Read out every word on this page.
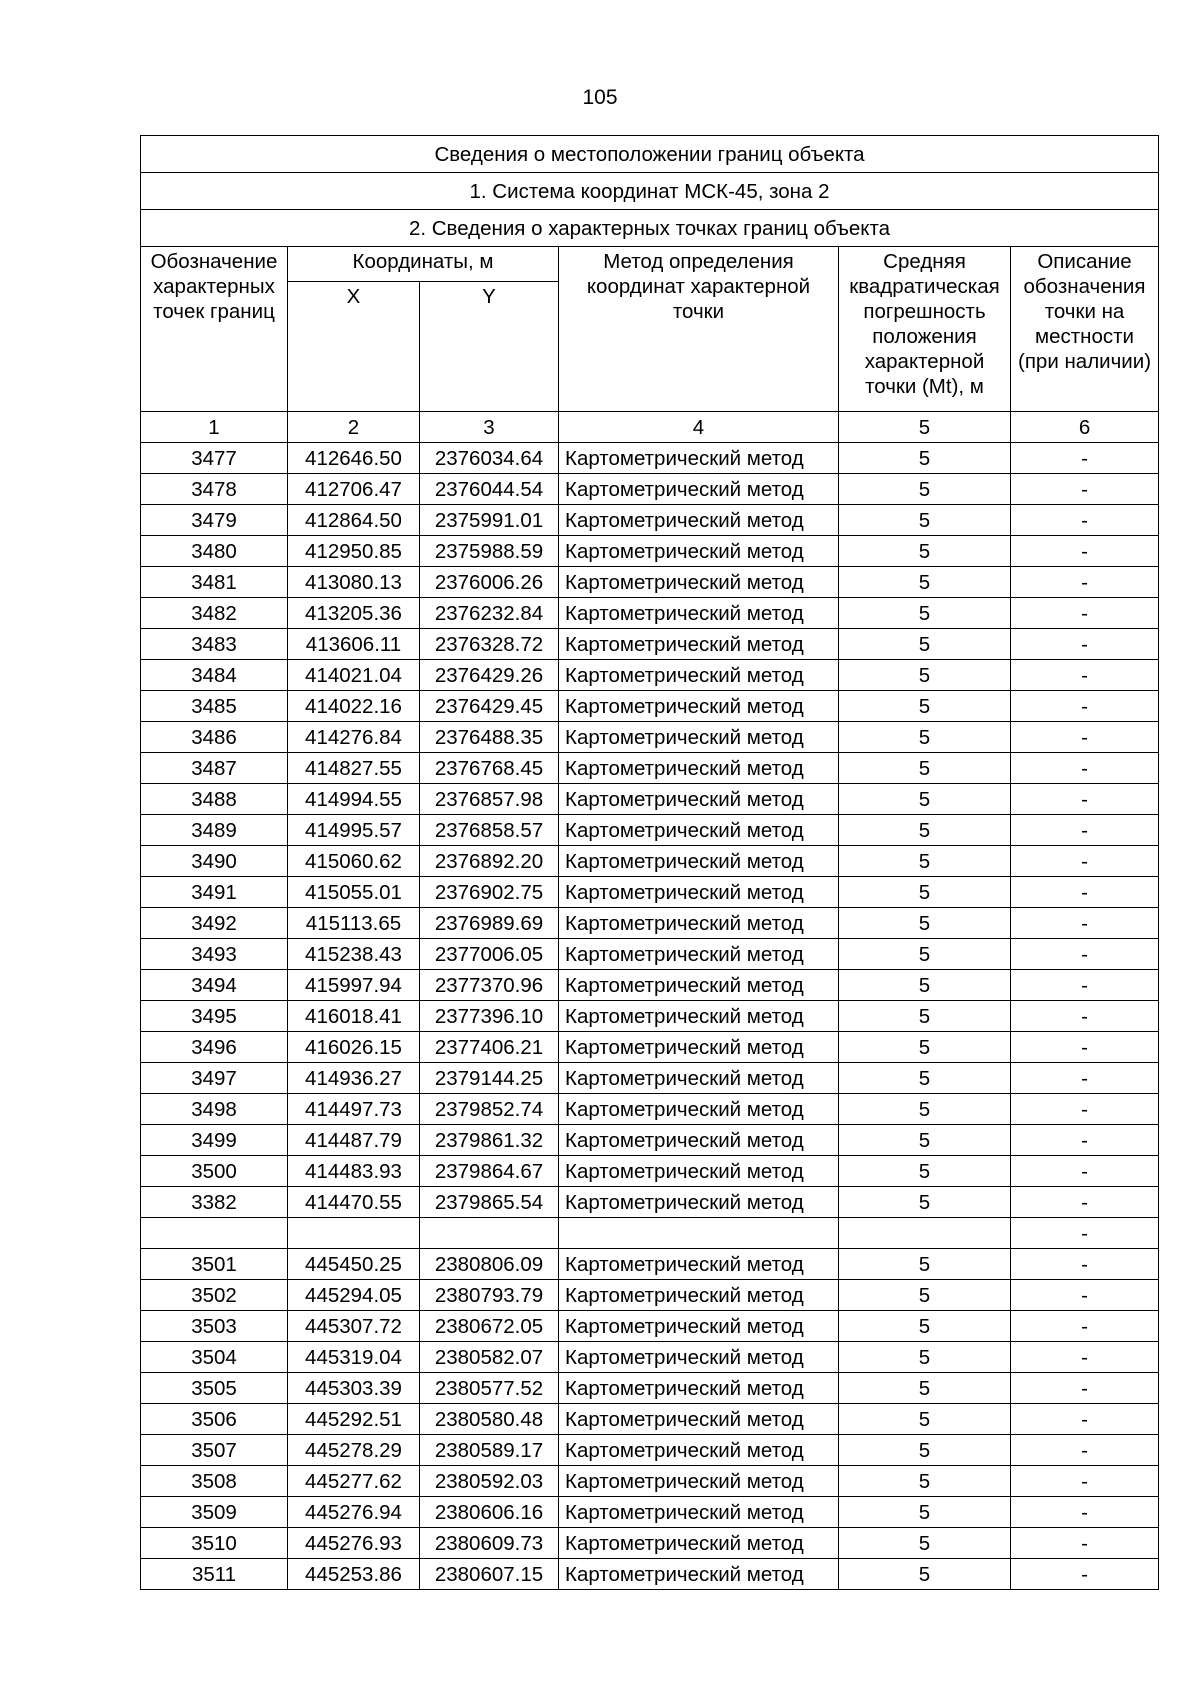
105
Сведения о местоположении границ объекта					
1. Система координат МСК-45, зона 2					
2. Сведения о характерных точках границ объекта					
Обозначение характерных точек границ	Координаты, м		Метод определения координат характерной точки	Средняя квадратическая погрешность положения характерной точки (Mt), м	Описание обозначения точки на местности (при наличии)
	X	Y			
1	2	3	4	5	6
3477	412646.50	2376034.64	Картометрический метод	5	-
3478	412706.47	2376044.54	Картометрический метод	5	-
3479	412864.50	2375991.01	Картометрический метод	5	-
3480	412950.85	2375988.59	Картометрический метод	5	-
3481	413080.13	2376006.26	Картометрический метод	5	-
3482	413205.36	2376232.84	Картометрический метод	5	-
3483	413606.11	2376328.72	Картометрический метод	5	-
3484	414021.04	2376429.26	Картометрический метод	5	-
3485	414022.16	2376429.45	Картометрический метод	5	-
3486	414276.84	2376488.35	Картометрический метод	5	-
3487	414827.55	2376768.45	Картометрический метод	5	-
3488	414994.55	2376857.98	Картометрический метод	5	-
3489	414995.57	2376858.57	Картометрический метод	5	-
3490	415060.62	2376892.20	Картометрический метод	5	-
3491	415055.01	2376902.75	Картометрический метод	5	-
3492	415113.65	2376989.69	Картометрический метод	5	-
3493	415238.43	2377006.05	Картометрический метод	5	-
3494	415997.94	2377370.96	Картометрический метод	5	-
3495	416018.41	2377396.10	Картометрический метод	5	-
3496	416026.15	2377406.21	Картометрический метод	5	-
3497	414936.27	2379144.25	Картометрический метод	5	-
3498	414497.73	2379852.74	Картометрический метод	5	-
3499	414487.79	2379861.32	Картометрический метод	5	-
3500	414483.93	2379864.67	Картометрический метод	5	-
3382	414470.55	2379865.54	Картометрический метод	5	-
					-
3501	445450.25	2380806.09	Картометрический метод	5	-
3502	445294.05	2380793.79	Картометрический метод	5	-
3503	445307.72	2380672.05	Картометрический метод	5	-
3504	445319.04	2380582.07	Картометрический метод	5	-
3505	445303.39	2380577.52	Картометрический метод	5	-
3506	445292.51	2380580.48	Картометрический метод	5	-
3507	445278.29	2380589.17	Картометрический метод	5	-
3508	445277.62	2380592.03	Картометрический метод	5	-
3509	445276.94	2380606.16	Картометрический метод	5	-
3510	445276.93	2380609.73	Картометрический метод	5	-
3511	445253.86	2380607.15	Картометрический метод	5	-
